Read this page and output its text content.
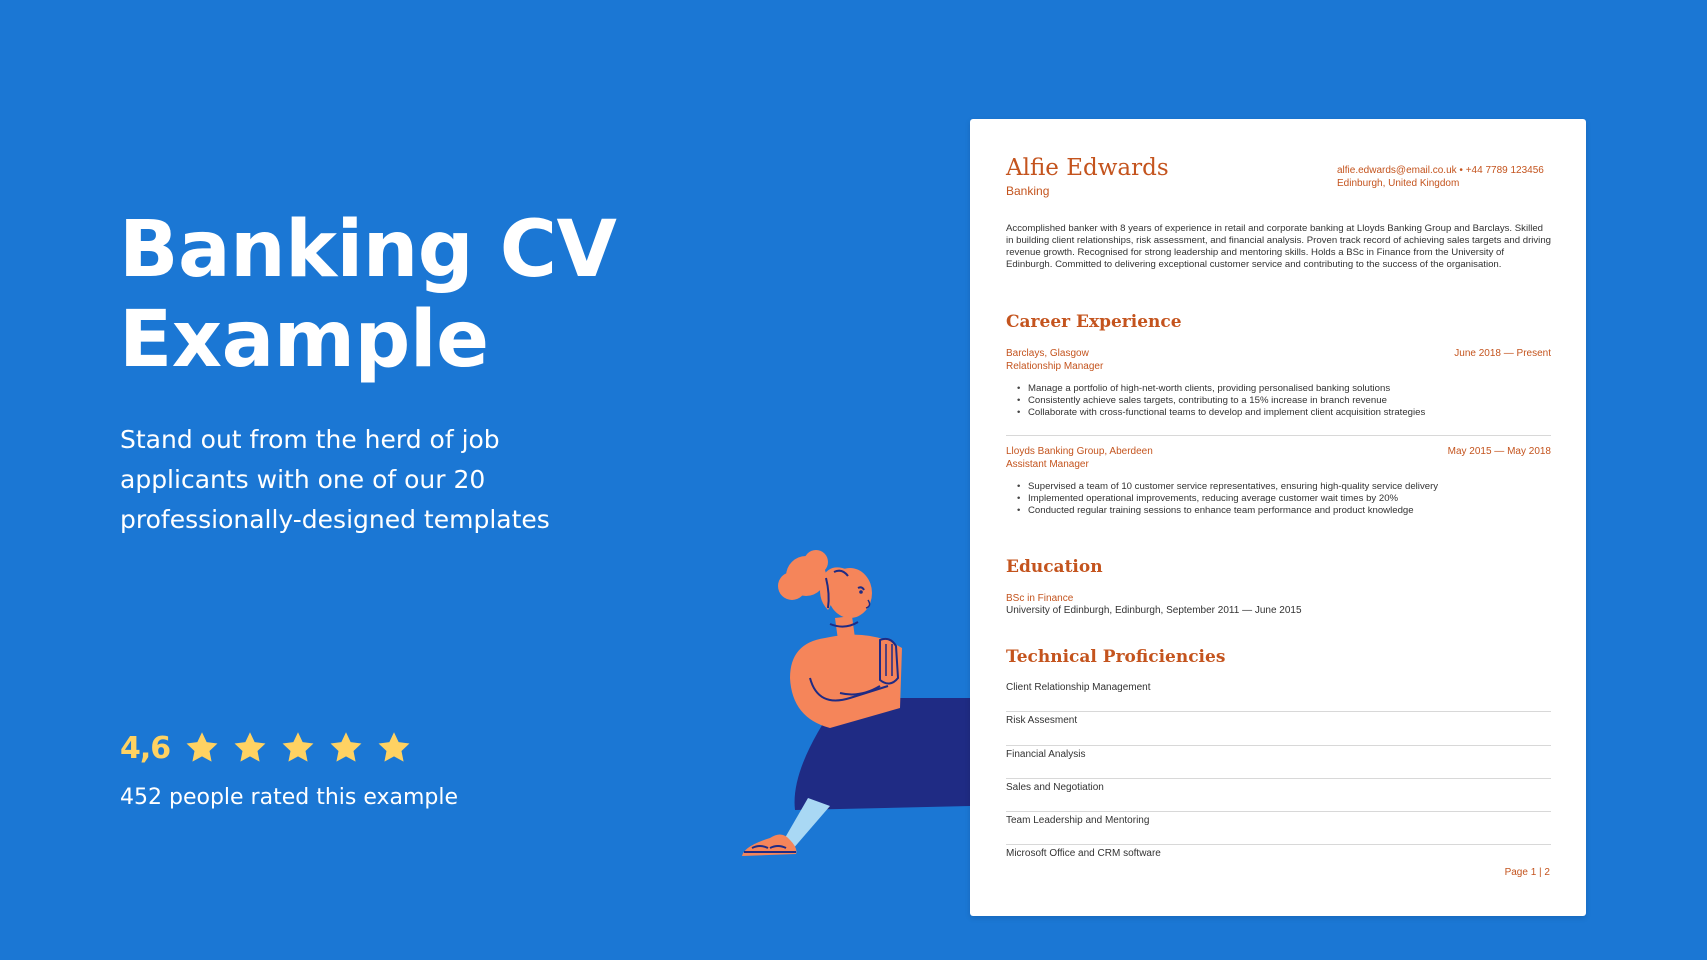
Banking CV
Example

Stand out from the herd of job applicants with one of our 20 professionally-designed templates

4,6
452 people rated this example
Alfie Edwards
Banking
alfie.edwards@email.co.uk • +44 7789 123456
Edinburgh, United Kingdom

Accomplished banker with 8 years of experience in retail and corporate banking at Lloyds Banking Group and Barclays. Skilled in building client relationships, risk assessment, and financial analysis. Proven track record of achieving sales targets and driving revenue growth. Recognised for strong leadership and mentoring skills. Holds a BSc in Finance from the University of Edinburgh. Committed to delivering exceptional customer service and contributing to the success of the organisation.

Career Experience
Barclays, Glasgow	June 2018 — Present
Relationship Manager
• Manage a portfolio of high-net-worth clients, providing personalised banking solutions
• Consistently achieve sales targets, contributing to a 15% increase in branch revenue
• Collaborate with cross-functional teams to develop and implement client acquisition strategies
Lloyds Banking Group, Aberdeen	May 2015 — May 2018
Assistant Manager
• Supervised a team of 10 customer service representatives, ensuring high-quality service delivery
• Implemented operational improvements, reducing average customer wait times by 20%
• Conducted regular training sessions to enhance team performance and product knowledge
Education
BSc in Finance
University of Edinburgh, Edinburgh, September 2011 — June 2015
Technical Proficiencies
Client Relationship Management
Risk Assesment
Financial Analysis
Sales and Negotiation
Team Leadership and Mentoring
Microsoft Office and CRM software
Page 1 | 2
